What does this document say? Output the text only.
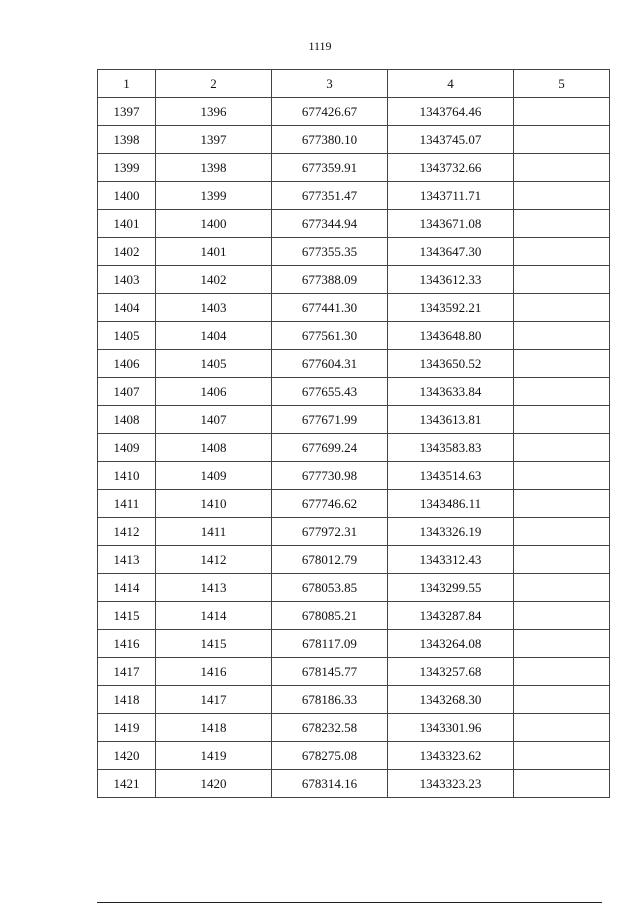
1119
1	2	3	4	5
1397	1396	677426.67	1343764.46	
1398	1397	677380.10	1343745.07	
1399	1398	677359.91	1343732.66	
1400	1399	677351.47	1343711.71	
1401	1400	677344.94	1343671.08	
1402	1401	677355.35	1343647.30	
1403	1402	677388.09	1343612.33	
1404	1403	677441.30	1343592.21	
1405	1404	677561.30	1343648.80	
1406	1405	677604.31	1343650.52	
1407	1406	677655.43	1343633.84	
1408	1407	677671.99	1343613.81	
1409	1408	677699.24	1343583.83	
1410	1409	677730.98	1343514.63	
1411	1410	677746.62	1343486.11	
1412	1411	677972.31	1343326.19	
1413	1412	678012.79	1343312.43	
1414	1413	678053.85	1343299.55	
1415	1414	678085.21	1343287.84	
1416	1415	678117.09	1343264.08	
1417	1416	678145.77	1343257.68	
1418	1417	678186.33	1343268.30	
1419	1418	678232.58	1343301.96	
1420	1419	678275.08	1343323.62	
1421	1420	678314.16	1343323.23	
